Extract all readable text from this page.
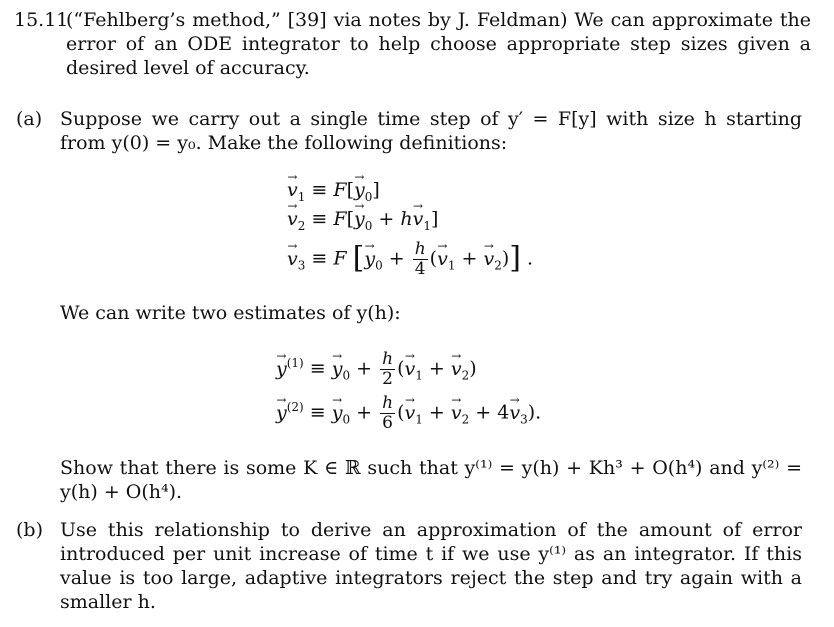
15.11
(“Fehlberg’s method,” [39] via notes by J. Feldman) We can approximate the error of an ODE integrator to help choose appropriate step sizes given a desired level of accuracy.
(a) Suppose we carry out a single time step of y′ = F[y] with size h starting from y(0) = y₀. Make the following definitions:
→ $v_1 \equiv F[\to y_0]$
→ $v_2 \equiv F[\to y_0 + h\to v_1]$
→ $v_3 \equiv F$ [→ $y_0 + \frac{h}{4}$ (→ $v_1$ + → $v_2$)] .
We can write two estimates of y(h):
→ $y^{(1)}$ ≡ → $y_0 + \frac{h}{2}$ (→ $v_1$ + → $v_2$)
→ $y^{(2)}$ ≡ → $y_0 + \frac{h}{6}$ (→ $v_1$ + → $v_2 + 4\to v_3$).
Show that there is some K ∈ ℝ such that y⁽¹⁾ = y(h) + Kh³ + O(h⁴) and y⁽²⁾ = y(h) + O(h⁴).
(b) Use this relationship to derive an approximation of the amount of error introduced per unit increase of time t if we use y⁽¹⁾ as an integrator. If this value is too large, adaptive integrators reject the step and try again with a smaller h.
